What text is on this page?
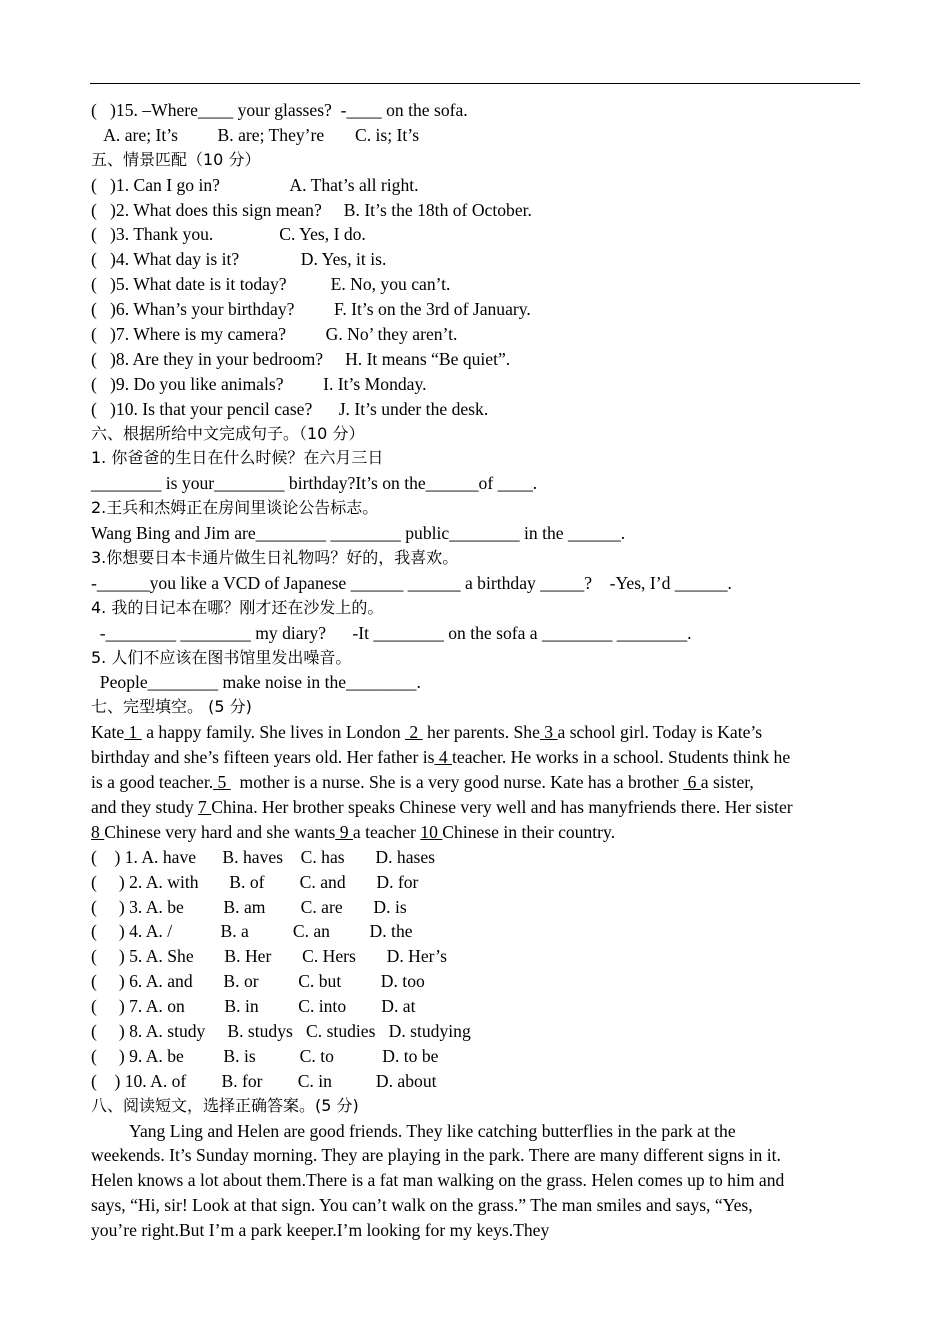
(   )15. –Where____ your glasses?  -____ on the sofa.
A. are; It’s         B. are; They’re       C. is; It’s
五、情景匹配（10 分）
(   )1. Can I go in?                A. That’s all right.
(   )2. What does this sign mean?     B. It’s the 18th of October.
(   )3. Thank you.               C. Yes, I do.
(   )4. What day is it?              D. Yes, it is.
(   )5. What date is it today?          E. No, you can’t.
(   )6. Whan’s your birthday?         F. It’s on the 3rd of January.
(   )7. Where is my camera?         G. No’ they aren’t.
(   )8. Are they in your bedroom?     H. It means “Be quiet”.
(   )9. Do you like animals?         I. It’s Monday.
(   )10. Is that your pencil case?      J. It’s under the desk.
六、根据所给中文完成句子。（10 分）
1. 你爸爸的生日在什么时候？在六月三日
________ is your________ birthday?It’s on the______of ____.
2.王兵和杰姆正在房间里谈论公告标志。
Wang Bing and Jim are________ ________ public________ in the ______.
3.你想要日本卡通片做生日礼物吗？好的，我喜欢。
-______you like a VCD of Japanese ______ ______ a birthday _____?    -Yes, I’d ______.
4. 我的日记本在哪？刚才还在沙发上的。
-________ ________ my diary?      -It ________ on the sofa a ________ ________.
5. 人们不应该在图书馆里发出噪音。
People________ make noise in the________.
七、完型填空。 (5 分)
Kate 1  a happy family. She lives in London  2  her parents. She 3 a school girl. Today is Kate’s
birthday and she’s fifteen years old. Her father is 4 teacher. He works in a school. Students think he
is a good teacher. 5   mother is a nurse. She is a very good nurse. Kate has a brother  6 a sister,
and they study 7 China. Her brother speaks Chinese very well and has manyfriends there. Her sister
8 Chinese very hard and she wants 9 a teacher 10 Chinese in their country.
(    ) 1. A. have      B. haves    C. has       D. hases
(     ) 2. A. with       B. of        C. and       D. for
(     ) 3. A. be         B. am        C. are       D. is
(     ) 4. A. /           B. a          C. an         D. the
(     ) 5. A. She       B. Her       C. Hers       D. Her’s
(     ) 6. A. and       B. or         C. but         D. too
(     ) 7. A. on         B. in         C. into        D. at
(     ) 8. A. study     B. studys   C. studies   D. studying
(     ) 9. A. be         B. is          C. to           D. to be
(    ) 10. A. of        B. for        C. in          D. about
八、阅读短文，选择正确答案。(5 分)
Yang Ling and Helen are good friends. They like catching butterflies in the park at the
weekends. It’s Sunday morning. They are playing in the park. There are many different signs in it.
Helen knows a lot about them.There is a fat man walking on the grass. Helen comes up to him and
says, “Hi, sir! Look at that sign. You can’t walk on the grass.” The man smiles and says, “Yes,
you’re right.But I’m a park keeper.I’m looking for my keys.They
